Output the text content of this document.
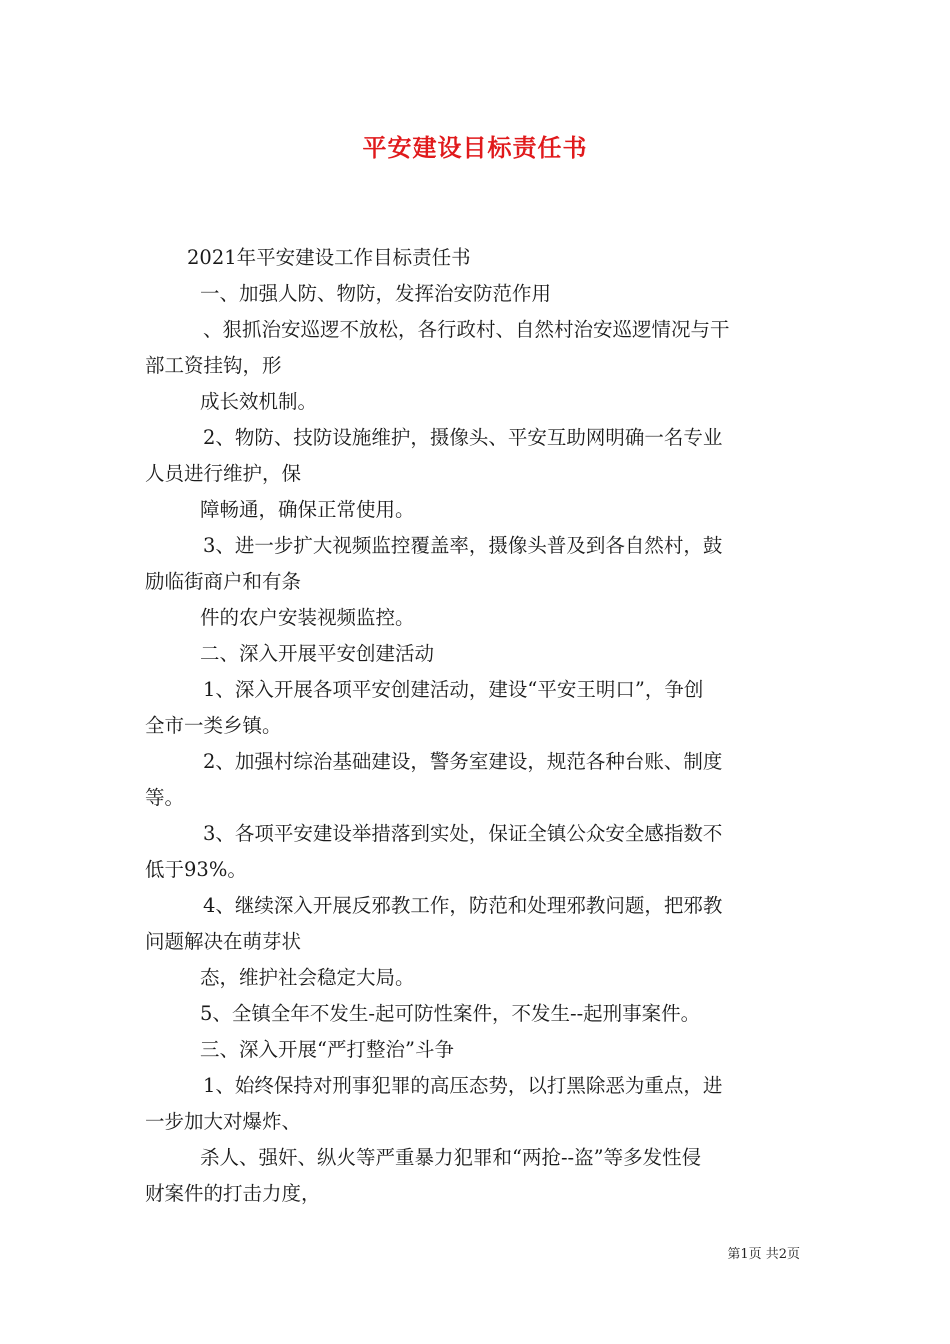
平安建设目标责任书
2021年平安建设工作目标责任书
一、加强人防、物防，发挥治安防范作用
、狠抓治安巡逻不放松，各行政村、自然村治安巡逻情况与干
部工资挂钩，形
成长效机制。
2、物防、技防设施维护，摄像头、平安互助网明确一名专业
人员进行维护，保
障畅通，确保正常使用。
3、进一步扩大视频监控覆盖率，摄像头普及到各自然村，鼓
励临街商户和有条
件的农户安装视频监控。
二、深入开展平安创建活动
1、深入开展各项平安创建活动，建设“平安王明口”，争创
全市一类乡镇。
2、加强村综治基础建设，警务室建设，规范各种台账、制度
等。
3、各项平安建设举措落到实处，保证全镇公众安全感指数不
低于93%。
4、继续深入开展反邪教工作，防范和处理邪教问题，把邪教
问题解决在萌芽状
态，维护社会稳定大局。
5、全镇全年不发生-起可防性案件，不发生--起刑事案件。
三、深入开展“严打整治”斗争
1、始终保持对刑事犯罪的高压态势，以打黑除恶为重点，进
一步加大对爆炸、
杀人、强奸、纵火等严重暴力犯罪和“两抢--盗”等多发性侵
财案件的打击力度，
第1页 共2页
